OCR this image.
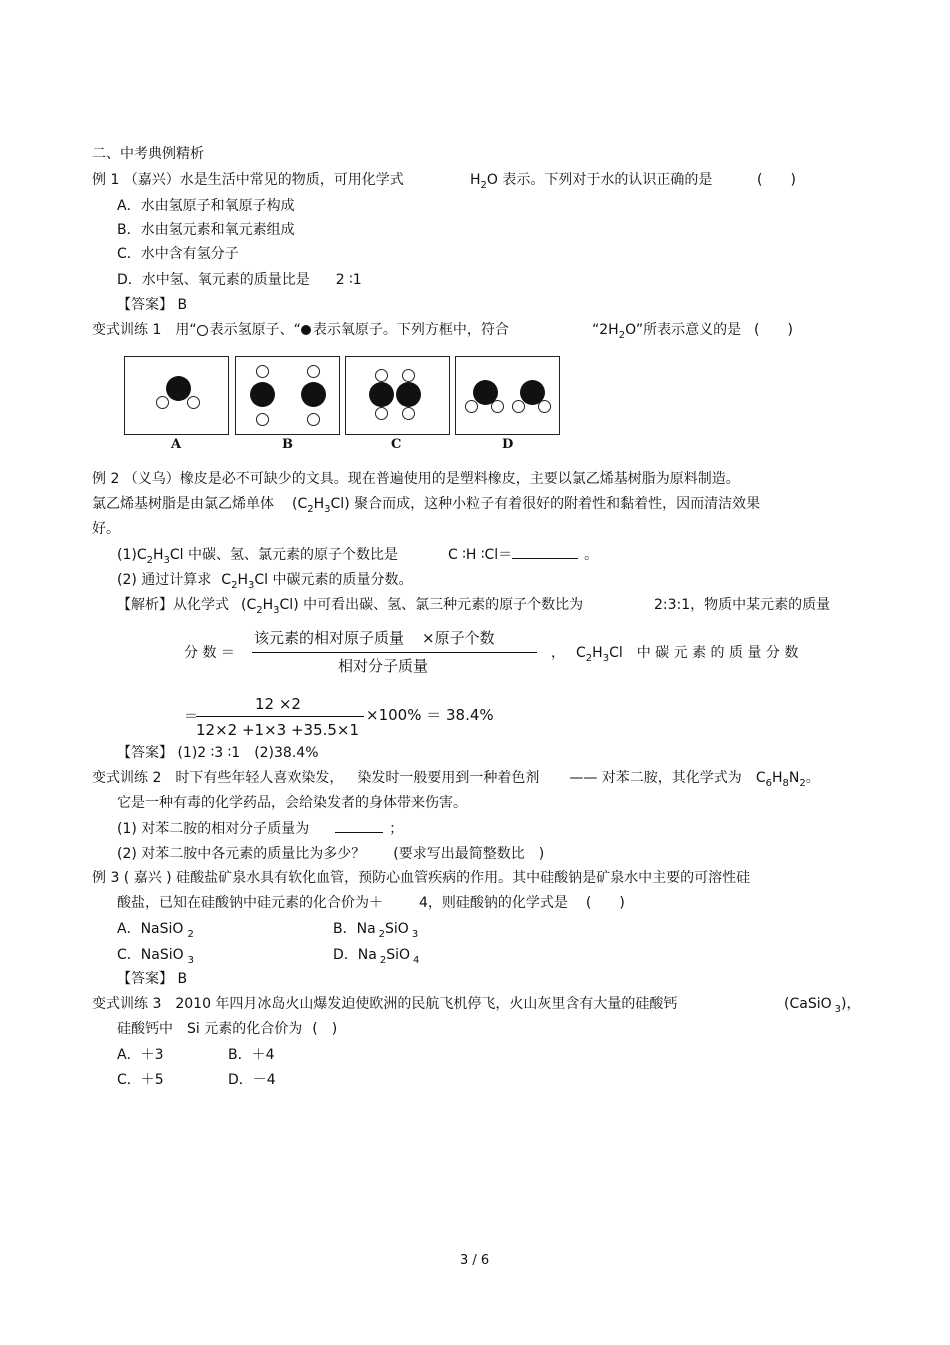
二、中考典例精析
例 1 （嘉兴）水是生活中常见的物质，可用化学式	$H_2O$ 表示。下列对于水的认识正确的是	(　　)
A．水由氢原子和氧原子构成
B．水由氢元素和氧元素组成
C．水中含有氢分子
D．水中氢、氧元素的质量比是 2 ∶1
【答案】 B
变式训练 1　用“ 表示氢原子、“ 表示氧原子。下列方框中，符合	“$2H_2O$”所表示意义的是 (　　)
A	B	C	D
例 2 （义乌）橡皮是必不可缺少的文具。现在普遍使用的是塑料橡皮，主要以氯乙烯基树脂为原料制造。
氯乙烯基树脂是由氯乙烯单体 $(C_2H_3Cl)$ 聚合而成，这种小粒子有着很好的附着性和黏着性，因而清洁效果
好。
$(1)C_2H_3Cl$ 中碳、氢、氯元素的原子个数比是	C ∶H ∶Cl＝	。
(2) 通过计算求 $C_2H_3Cl$ 中碳元素的质量分数。
【解析】从化学式 $(C_2H_3Cl)$ 中可看出碳、氢、氯三种元素的原子个数比为	2:3:1，物质中某元素的质量
分 数 ＝
该元素的相对原子质量 ×原子个数
相对分子质量
， $C_2H_3Cl$　中 碳 元 素 的 质 量 分 数
＝
12 ×2
12×2 +1×3 +35.5×1
×100% ＝ 38.4%
【答案】 (1)2 ∶3 ∶1　(2)38.4%
变式训练 2　时下有些年轻人喜欢染发， 染发时一般要用到一种着色剂 —— 对苯二胺，其化学式为 $C_6H_8N_2$。
它是一种有毒的化学药品，会给染发者的身体带来伤害。
(1) 对苯二胺的相对分子质量为	；
(2) 对苯二胺中各元素的质量比为多少？ (要求写出最简整数比　)
例 3 ( 嘉兴 ) 硅酸盐矿泉水具有软化血管，预防心血管疾病的作用。其中硅酸钠是矿泉水中主要的可溶性硅
酸盐，已知在硅酸钠中硅元素的化合价为＋	4，则硅酸钠的化学式是 (　　)
A．NaSiO $_2$	B．Na $_2$SiO $_3$
C．NaSiO $_3$	D．Na $_2$SiO $_4$
【答案】 B
变式训练 3　2010 年四月冰岛火山爆发迫使欧洲的民航飞机停飞，火山灰里含有大量的硅酸钙	(CaSiO $_3$)，
硅酸钙中　Si 元素的化合价为 (　)
A．＋3	B．＋4
C．＋5	D．－4
3 / 6
